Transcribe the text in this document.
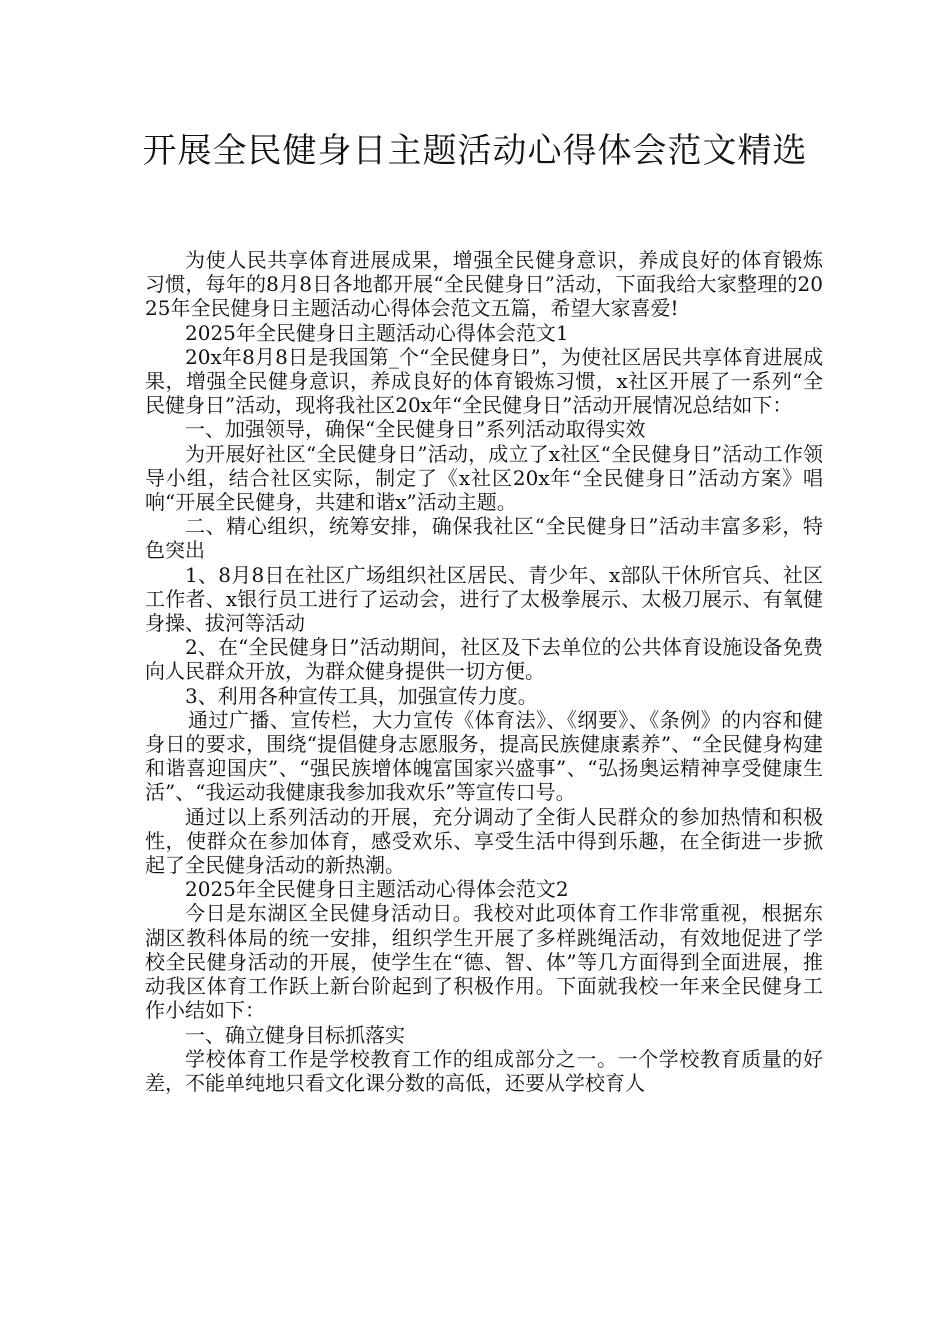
开展全民健身日主题活动心得体会范文精选

为使人民共享体育进展成果，增强全民健身意识，养成良好的体育锻炼习惯，每年的8月8日各地都开展“全民健身日”活动，下面我给大家整理的2025年全民健身日主题活动心得体会范文五篇，希望大家喜爱!

2025年全民健身日主题活动心得体会范文1

20x年8月8日是我国第_个“全民健身日”，为使社区居民共享体育进展成果，增强全民健身意识，养成良好的体育锻炼习惯，x社区开展了一系列“全民健身日”活动，现将我社区20x年“全民健身日”活动开展情况总结如下：

一、加强领导，确保“全民健身日”系列活动取得实效

为开展好社区“全民健身日”活动，成立了x社区“全民健身日”活动工作领导小组，结合社区实际，制定了《x社区20x年“全民健身日”活动方案》唱响“开展全民健身，共建和谐x”活动主题。

二、精心组织，统筹安排，确保我社区“全民健身日”活动丰富多彩，特色突出

1、8月8日在社区广场组织社区居民、青少年、x部队干休所官兵、社区工作者、x银行员工进行了运动会，进行了太极拳展示、太极刀展示、有氧健身操、拔河等活动

2、在“全民健身日”活动期间，社区及下去单位的公共体育设施设备免费向人民群众开放，为群众健身提供一切方便。

3、利用各种宣传工具，加强宣传力度。

通过广播、宣传栏，大力宣传《体育法》、《纲要》、《条例》的内容和健身日的要求，围绕“提倡健身志愿服务，提高民族健康素养”、“全民健身构建和谐喜迎国庆”、“强民族增体魄富国家兴盛事”、“弘扬奥运精神享受健康生活”、“我运动我健康我参加我欢乐”等宣传口号。

通过以上系列活动的开展，充分调动了全街人民群众的参加热情和积极性，使群众在参加体育，感受欢乐、享受生活中得到乐趣，在全街进一步掀起了全民健身活动的新热潮。

2025年全民健身日主题活动心得体会范文2

今日是东湖区全民健身活动日。我校对此项体育工作非常重视，根据东湖区教科体局的统一安排，组织学生开展了多样跳绳活动，有效地促进了学校全民健身活动的开展，使学生在“德、智、体”等几方面得到全面进展，推动我区体育工作跃上新台阶起到了积极作用。下面就我校一年来全民健身工作小结如下：

一、确立健身目标抓落实

学校体育工作是学校教育工作的组成部分之一。一个学校教育质量的好差，不能单纯地只看文化课分数的高低，还要从学校育人
